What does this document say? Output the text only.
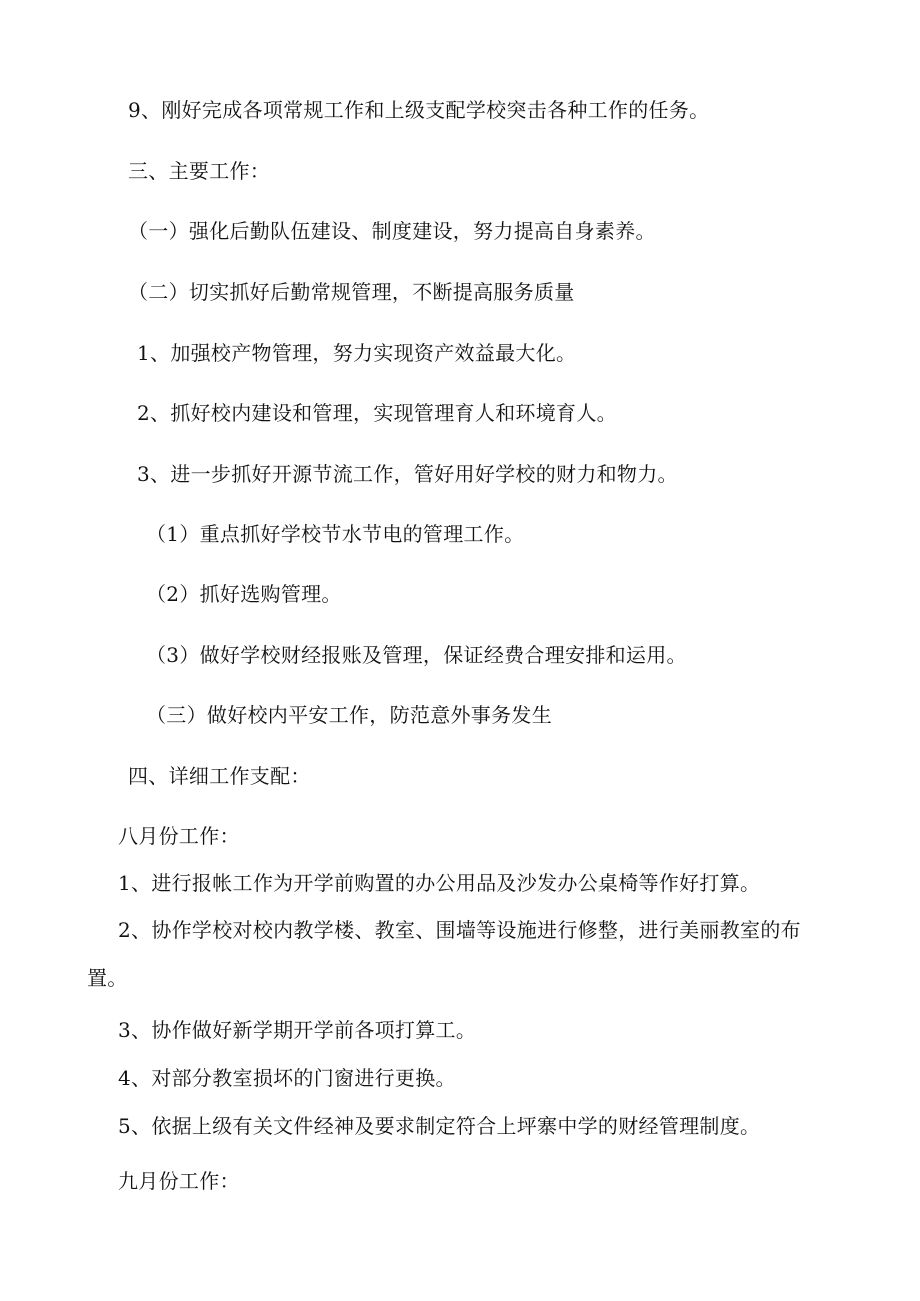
9、刚好完成各项常规工作和上级支配学校突击各种工作的任务。
三、主要工作：
（一）强化后勤队伍建设、制度建设，努力提高自身素养。
（二）切实抓好后勤常规管理，不断提高服务质量
1、加强校产物管理，努力实现资产效益最大化。
2、抓好校内建设和管理，实现管理育人和环境育人。
3、进一步抓好开源节流工作，管好用好学校的财力和物力。
（1）重点抓好学校节水节电的管理工作。
（2）抓好选购管理。
（3）做好学校财经报账及管理，保证经费合理安排和运用。
（三）做好校内平安工作，防范意外事务发生
四、详细工作支配：
八月份工作：
1、进行报帐工作为开学前购置的办公用品及沙发办公桌椅等作好打算。
2、协作学校对校内教学楼、教室、围墙等设施进行修整，进行美丽教室的布
置。
3、协作做好新学期开学前各项打算工。
4、对部分教室损坏的门窗进行更换。
5、依据上级有关文件经神及要求制定符合上坪寨中学的财经管理制度。
九月份工作：
